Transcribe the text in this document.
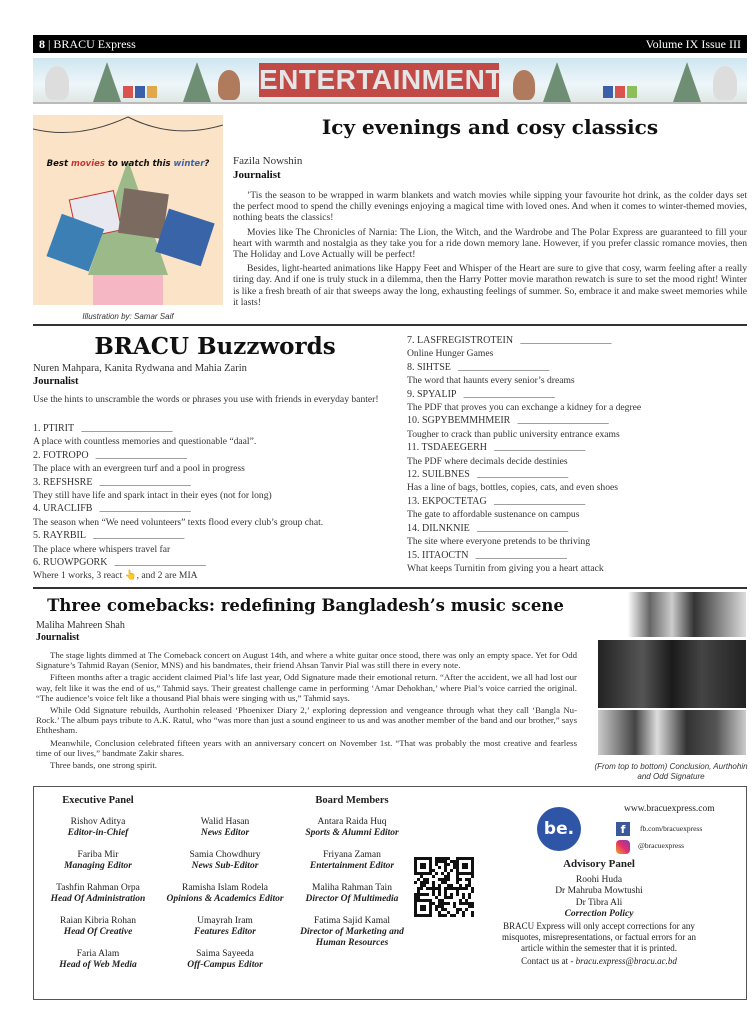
8 | BRACU Express	Volume IX Issue III
ENTERTAINMENT
Best movies to watch this winter?
Illustration by: Samar Saif
Icy evenings and cosy classics
Fazila Nowshin
Journalist

’Tis the season to be wrapped in warm blankets and watch movies while sipping your favourite hot drink, as the colder days set the perfect mood to spend the chilly evenings enjoying a magical time with loved ones. And when it comes to winter-themed movies, nothing beats the classics!

Movies like The Chronicles of Narnia: The Lion, the Witch, and the Wardrobe and The Polar Express are guaranteed to fill your heart with warmth and nostalgia as they take you for a ride down memory lane. However, if you prefer classic romance movies, then The Holiday and Love Actually will be perfect!

Besides, light-hearted animations like Happy Feet and Whisper of the Heart are sure to give that cosy, warm feeling after a really tiring day. And if one is truly stuck in a dilemma, then the Harry Potter movie marathon rewatch is sure to set the mood right! Winter is like a fresh breath of air that sweeps away the long, exhausting feelings of summer. So, embrace it and make sweet memories while it lasts!

BRACU Buzzwords
Nuren Mahpara, Kanita Rydwana and Mahia Zarin
Journalist
Use the hints to unscramble the words or phrases you use with friends in everyday banter!
1. PTIRIT ___________________
A place with countless memories and questionable “daal”.
2. FOTROPO ___________________
The place with an evergreen turf and a pool in progress
3. REFSHSRE ___________________
They still have life and spark intact in their eyes (not for long)
4. URACLIFB ___________________
The season when “We need volunteers” texts flood every club’s group chat.
5. RAYRBIL ___________________
The place where whispers travel far
6. RUOWPGORK ___________________
Where 1 works, 3 react 👆, and 2 are MIA
7. LASFREGISTROTEIN ___________________
Online Hunger Games
8. SIHTSE ___________________
The word that haunts every senior’s dreams
9. SPYALIP ___________________
The PDF that proves you can exchange a kidney for a degree
10. SGPYBEMMHMEIR ___________________
Tougher to crack than public university entrance exams
11. TSDAEEGERH ___________________
The PDF where decimals decide destinies
12. SUILBNES ___________________
Has a line of bags, bottles, copies, cats, and even shoes
13. EKPOCTETAG ___________________
The gate to affordable sustenance on campus
14. DILNKNIE ___________________
The site where everyone pretends to be thriving
15. IITAOCTN ___________________
What keeps Turnitin from giving you a heart attack
Three comebacks: redefining Bangladesh’s music scene
Maliha Mahreen Shah
Journalist

The stage lights dimmed at The Comeback concert on August 14th, and where a white guitar once stood, there was only an empty space. Yet for Odd Signature’s Tahmid Rayan (Senior, MNS) and his bandmates, their friend Ahsan Tanvir Pial was still there in every note.

Fifteen months after a tragic accident claimed Pial’s life last year, Odd Signature made their emotional return. “After the accident, we all had lost our way, felt like it was the end of us,” Tahmid says. Their greatest challenge came in performing ‘Amar Dehokhan,’ where Pial’s voice carried the original. “The audience’s voice felt like a thousand Pial bhais were singing with us,” Tahmid says.

While Odd Signature rebuilds, Aurthohin released ‘Phoenixer Diary 2,’ exploring depression and vengeance through what they call ‘Bangla Nu-Rock.’ The album pays tribute to A.K. Ratul, who “was more than just a sound engineer to us and was another member of the band and our brother,” says Ehthesham.

Meanwhile, Conclusion celebrated fifteen years with an anniversary concert on November 1st. “That was probably the most creative and fearless time of our lives,” bandmate Zakir shares.

Three bands, one strong spirit.	(From top to bottom) Conclusion, Aurthohin and Odd Signature
Executive Panel
Rishov Aditya
Editor-in-Chief
Fariba Mir
Managing Editor
Tashfin Rahman Orpa
Head Of Administration
Raian Kibria Rohan
Head Of Creative
Faria Alam
Head of Web Media
Walid Hasan
News Editor
Samia Chowdhury
News Sub-Editor
Ramisha Islam Rodela
Opinions & Academics Editor
Umayrah Iram
Features Editor
Saima Sayeeda
Off-Campus Editor
Board Members
Antara Raida Huq
Sports & Alumni Editor
Friyana Zaman
Entertainment Editor
Maliha Rahman Tain
Director Of Multimedia
Fatima Sajid Kamal
Director of Marketing and Human Resources
be.
www.bracuexpress.com
f	fb.com/bracuexpress
@bracuexpress
Advisory Panel
Roohi Huda
Dr Mahruba Mowtushi
Dr Tibra Ali
Correction Policy
BRACU Express will only accept corrections for any misquotes, misrepresentations, or factual errors for an article within the semester that it is printed.
Contact us at - bracu.express@bracu.ac.bd
